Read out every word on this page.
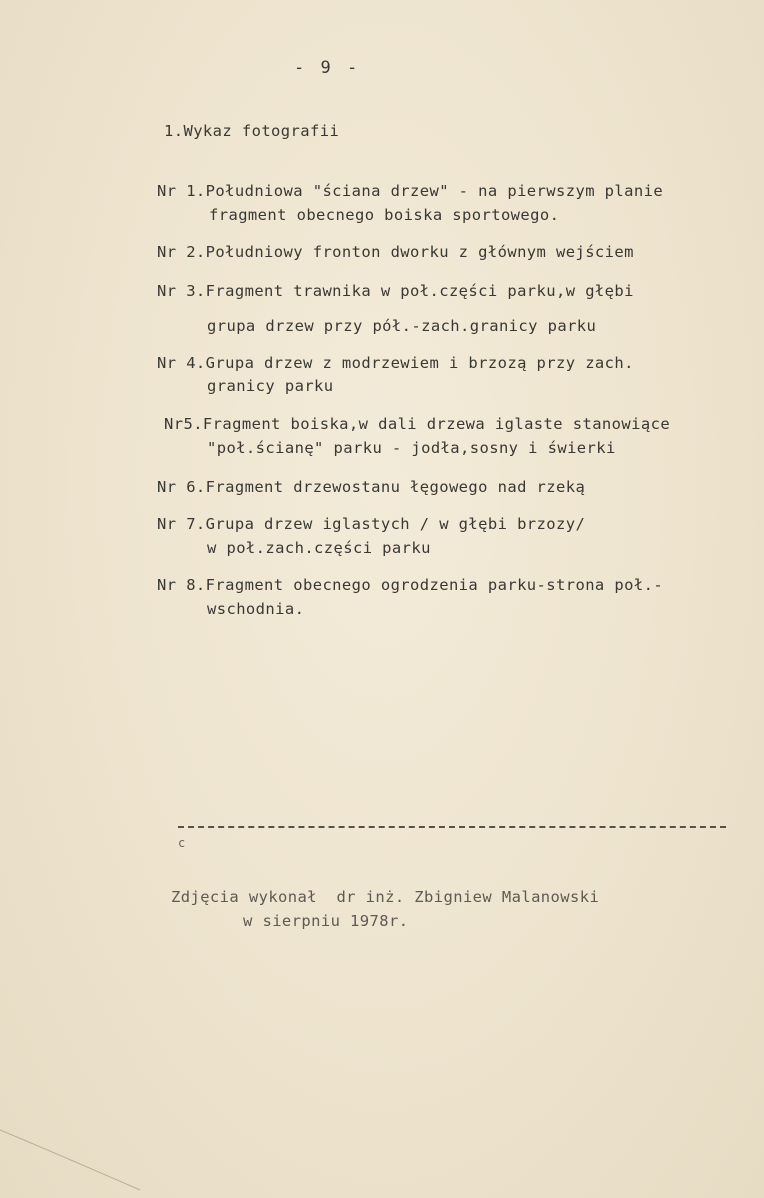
- 9 -
1.Wykaz fotografii
Nr 1.Południowa "ściana drzew" - na pierwszym planie
fragment obecnego boiska sportowego.
Nr 2.Południowy fronton dworku z głównym wejściem
Nr 3.Fragment trawnika w poł.części parku,w głębi
grupa drzew przy pół.-zach.granicy parku
Nr 4.Grupa drzew z modrzewiem i brzozą przy zach.
granicy parku
Nr5.Fragment boiska,w dali drzewa iglaste stanowiące
"poł.ścianę" parku - jodła,sosny i świerki
Nr 6.Fragment drzewostanu łęgowego nad rzeką
Nr 7.Grupa drzew iglastych / w głębi brzozy/
w poł.zach.części parku
Nr 8.Fragment obecnego ogrodzenia parku-strona poł.-
wschodnia.
c
Zdjęcia wykonał  dr inż. Zbigniew Malanowski
w sierpniu 1978r.
